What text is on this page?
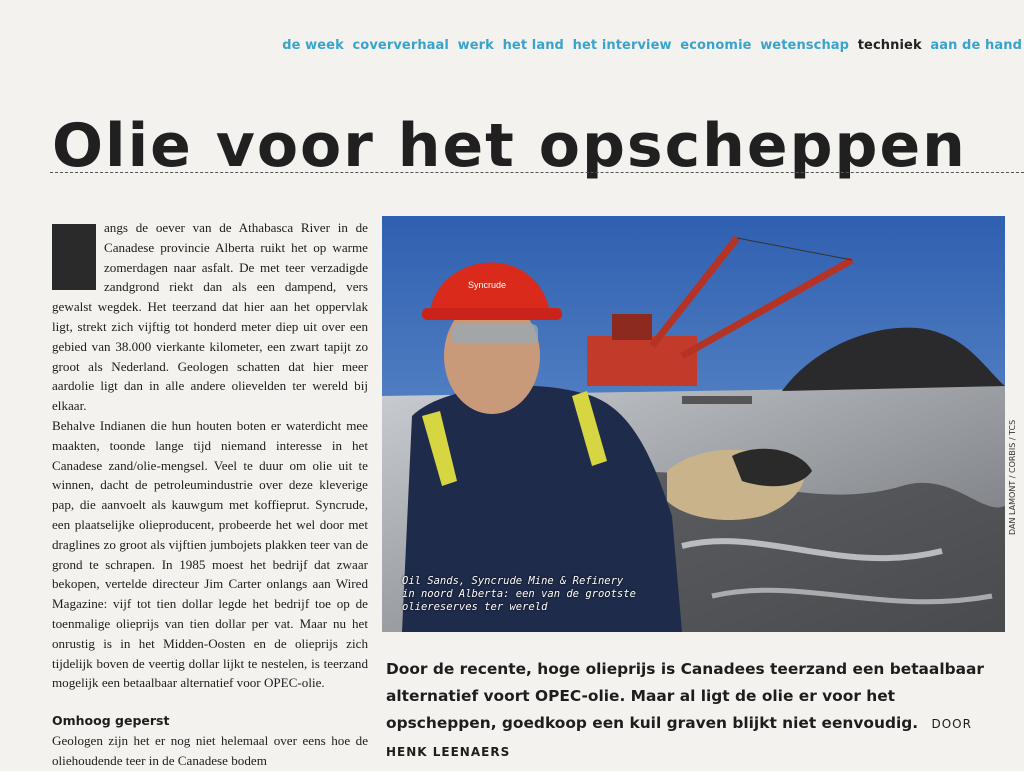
de week coververhaal werk het land het interview economie wetenschap techniek aan de hand
Olie voor het opscheppen

angs de oever van de Athabasca River in de Canadese provincie Alberta ruikt het op warme zomerdagen naar asfalt. De met teer verzadigde zandgrond riekt dan als een dampend, vers gewalst wegdek. Het teerzand dat hier aan het oppervlak ligt, strekt zich vijftig tot honderd meter diep uit over een gebied van 38.000 vierkante kilometer, een zwart tapijt zo groot als Nederland. Geologen schatten dat hier meer aardolie ligt dan in alle andere olievelden ter wereld bij elkaar.

Behalve Indianen die hun houten boten er waterdicht mee maakten, toonde lange tijd niemand interesse in het Canadese zand/olie-mengsel. Veel te duur om olie uit te winnen, dacht de petroleumindustrie over deze kleverige pap, die aanvoelt als kauwgum met koffieprut. Syncrude, een plaatselijke olieproducent, probeerde het wel door met draglines zo groot als vijftien jumbojets plakken teer van de grond te schrapen. In 1985 moest het bedrijf dat zwaar bekopen, vertelde directeur Jim Carter onlangs aan Wired Magazine: vijf tot tien dollar legde het bedrijf toe op de toenmalige olieprijs van tien dollar per vat. Maar nu het onrustig is in het Midden-Oosten en de olieprijs zich tijdelijk boven de veertig dollar lijkt te nestelen, is teerzand mogelijk een betaalbaar alternatief voor OPEC-olie.

Omhoog geperst

Geologen zijn het er nog niet helemaal over eens hoe de oliehoudende teer in de Canadese bodem

Syncrude
Oil Sands, Syncrude Mine & Refinery
in noord Alberta: een van de grootste
oliereserves ter wereld
DAN LAMONT / CORBIS / TCS

Door de recente, hoge olieprijs is Canadees teerzand een betaalbaar alternatief voort OPEC-olie. Maar al ligt de olie er voor het opscheppen, goedkoop een kuil graven blijkt niet eenvoudig. DOOR HENK LEENAERS
